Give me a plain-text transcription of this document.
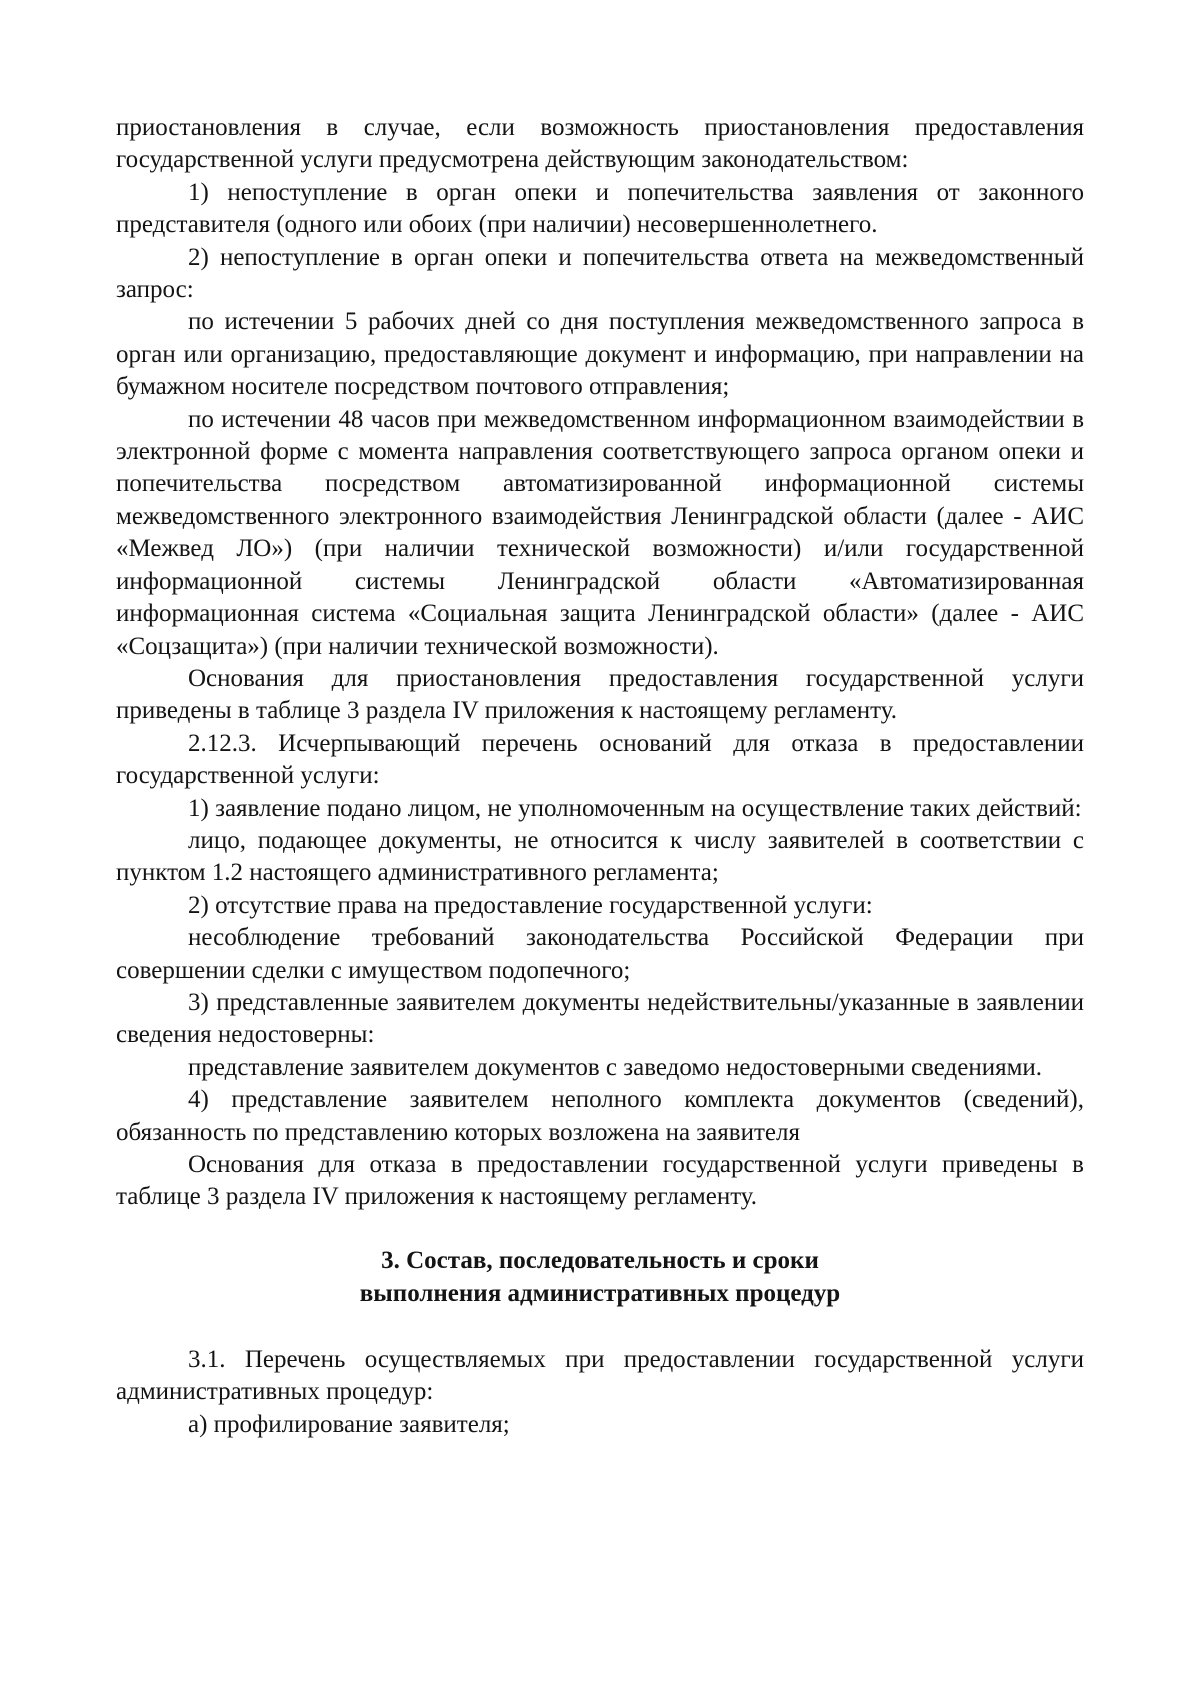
приостановления в случае, если возможность приостановления предоставления государственной услуги предусмотрена действующим законодательством:

1) непоступление в орган опеки и попечительства заявления от законного представителя (одного или обоих (при наличии) несовершеннолетнего.

2) непоступление в орган опеки и попечительства ответа на межведомственный запрос:

по истечении 5 рабочих дней со дня поступления межведомственного запроса в орган или организацию, предоставляющие документ и информацию, при направлении на бумажном носителе посредством почтового отправления;

по истечении 48 часов при межведомственном информационном взаимодействии в электронной форме с момента направления соответствующего запроса органом опеки и попечительства посредством автоматизированной информационной системы межведомственного электронного взаимодействия Ленинградской области (далее - АИС «Межвед ЛО») (при наличии технической возможности) и/или государственной информационной системы Ленинградской области «Автоматизированная информационная система «Социальная защита Ленинградской области» (далее - АИС «Соцзащита») (при наличии технической возможности).

Основания для приостановления предоставления государственной услуги приведены в таблице 3 раздела IV приложения к настоящему регламенту.

2.12.3. Исчерпывающий перечень оснований для отказа в предоставлении государственной услуги:

1) заявление подано лицом, не уполномоченным на осуществление таких действий:

лицо, подающее документы, не относится к числу заявителей в соответствии с пунктом 1.2 настоящего административного регламента;

2) отсутствие права на предоставление государственной услуги:

несоблюдение требований законодательства Российской Федерации при совершении сделки с имуществом подопечного;

3) представленные заявителем документы недействительны/указанные в заявлении сведения недостоверны:

представление заявителем документов с заведомо недостоверными сведениями.

4) представление заявителем неполного комплекта документов (сведений), обязанность по представлению которых возложена на заявителя

Основания для отказа в предоставлении государственной услуги приведены в таблице 3 раздела IV приложения к настоящему регламенту.

3. Состав, последовательность и сроки
выполнения административных процедур

3.1. Перечень осуществляемых при предоставлении государственной услуги административных процедур:

а) профилирование заявителя;
